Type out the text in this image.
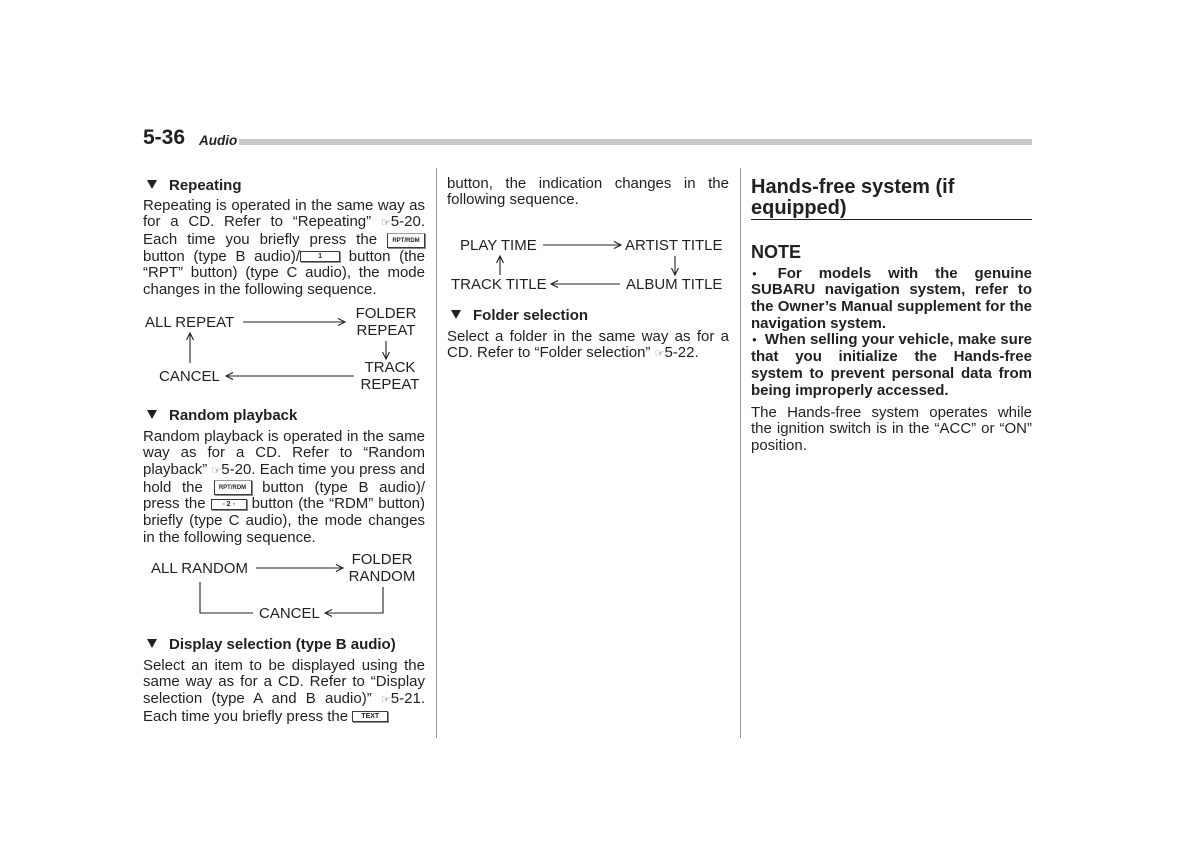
5-36 Audio

Repeating

Repeating is operated in the same way as for a CD. Refer to “Repeating” ☞ 5-20. Each time you briefly press the RPT/RDM button (type B audio)/	1 button (the “RPT” button) (type C audio), the mode changes in the following sequence.

ALL REPEAT
FOLDER
REPEAT
TRACK
REPEAT
CANCEL

Random playback

Random playback is operated in the same way as for a CD. Refer to “Random playback” ☞ 5-20. Each time you press and hold the RPT/RDM button (type B audio)/ press the ◦ 2 ◦ button (the “RDM” button) briefly (type C audio), the mode changes in the following sequence.

ALL RANDOM
FOLDER
RANDOM
CANCEL

Display selection (type B audio)

Select an item to be displayed using the same way as for a CD. Refer to “Display selection (type A and B audio)” ☞ 5-21. Each time you briefly press the TEXT

button, the indication changes in the following sequence.

PLAY TIME	ARTIST TITLE
ALBUM TITLE
TRACK TITLE

Folder selection

Select a folder in the same way as for a CD. Refer to “Folder selection” ☞ 5-22.

Hands-free system (if equipped)
NOTE

● For models with the genuine SUBARU navigation system, refer to the Owner’s Manual supplement for the navigation system.

● When selling your vehicle, make sure that you initialize the Hands-free system to prevent personal data from being improperly accessed.

The Hands-free system operates while the ignition switch is in the “ACC” or “ON” position.
